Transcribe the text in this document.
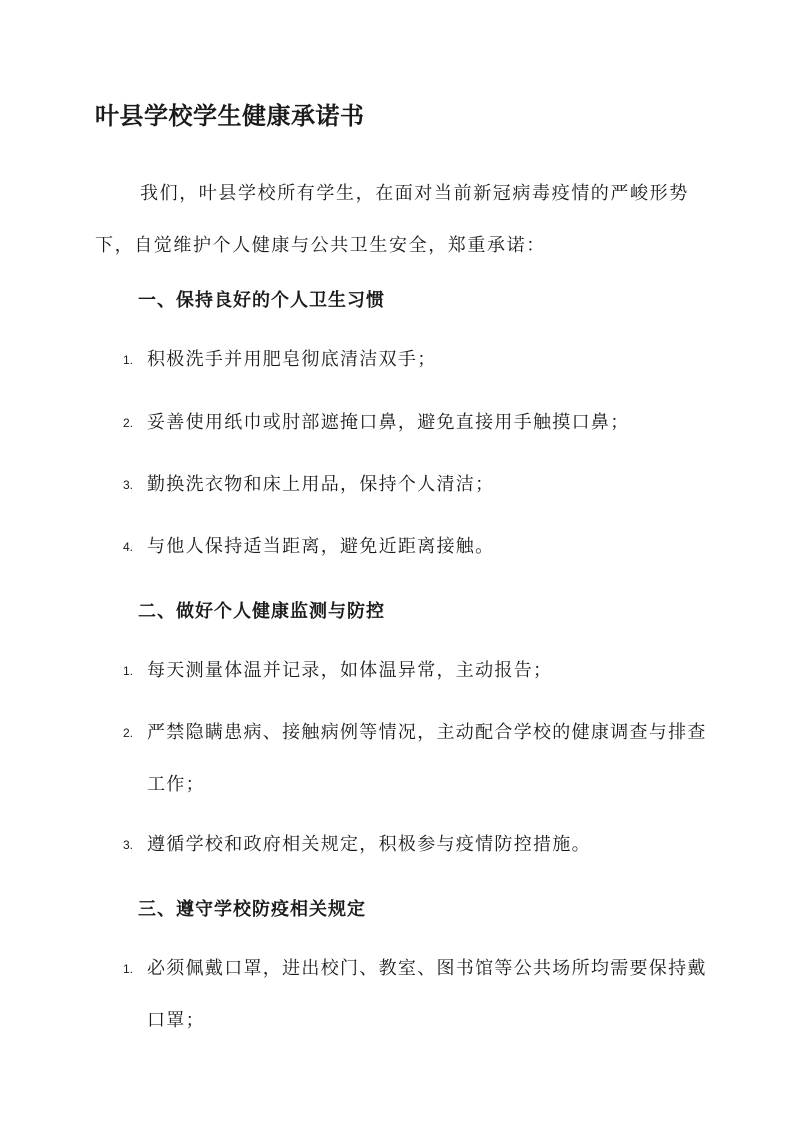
叶县学校学生健康承诺书
我们，叶县学校所有学生，在面对当前新冠病毒疫情的严峻形势下，自觉维护个人健康与公共卫生安全，郑重承诺：
一、保持良好的个人卫生习惯
1. 积极洗手并用肥皂彻底清洁双手；
2. 妥善使用纸巾或肘部遮掩口鼻，避免直接用手触摸口鼻；
3. 勤换洗衣物和床上用品，保持个人清洁；
4. 与他人保持适当距离，避免近距离接触。
二、做好个人健康监测与防控
1. 每天测量体温并记录，如体温异常，主动报告；
2. 严禁隐瞒患病、接触病例等情况，主动配合学校的健康调查与排查工作；
3. 遵循学校和政府相关规定，积极参与疫情防控措施。
三、遵守学校防疫相关规定
1. 必须佩戴口罩，进出校门、教室、图书馆等公共场所均需要保持戴口罩；
